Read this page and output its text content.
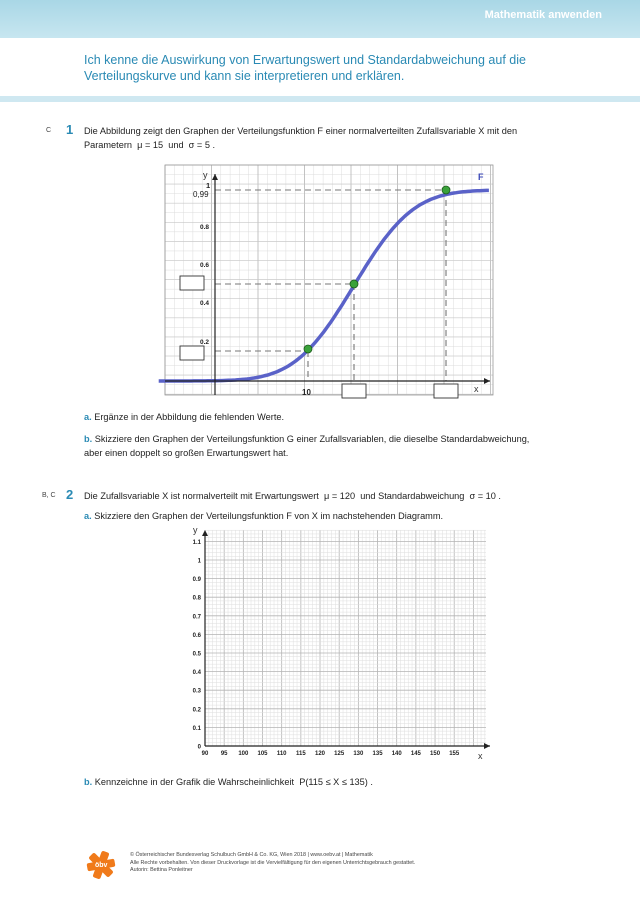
Mathematik anwenden
Ich kenne die Auswirkung von Erwartungswert und Standardabweichung auf die
Verteilungskurve und kann sie interpretieren und erklären.
C 1 Die Abbildung zeigt den Graphen der Verteilungsfunktion F einer normalverteilten Zufallsvariable X mit den
Parametern μ = 15 und σ = 5 .
y
x
F
1
0,99
0.8
0.6
0.4
0.2
10
a. Ergänze in der Abbildung die fehlenden Werte.
b. Skizziere den Graphen der Verteilungsfunktion G einer Zufallsvariablen, die dieselbe Standardabweichung,
aber einen doppelt so großen Erwartungswert hat.
B, C 2 Die Zufallsvariable X ist normalverteilt mit Erwartungswert μ = 120 und Standardabweichung σ = 10 .
a. Skizziere den Graphen der Verteilungsfunktion F von X im nachstehenden Diagramm.
y
x
1.1
1
0.9
0.8
0.7
0.6
0.5
0.4
0.3
0.2
0.1
0
90 95 100 105 110 115 120 125 130 135 140 145 150 155
b. Kennzeichne in der Grafik die Wahrscheinlichkeit P(115 ≤ X ≤ 135) .
öbv
© Österreichischer Bundesverlag Schulbuch GmbH & Co. KG, Wien 2018 | www.oebv.at | Mathematik
Alle Rechte vorbehalten. Von dieser Druckvorlage ist die Vervielfältigung für den eigenen Unterrichtsgebrauch gestattet.
Autorin: Bettina Ponleitner
